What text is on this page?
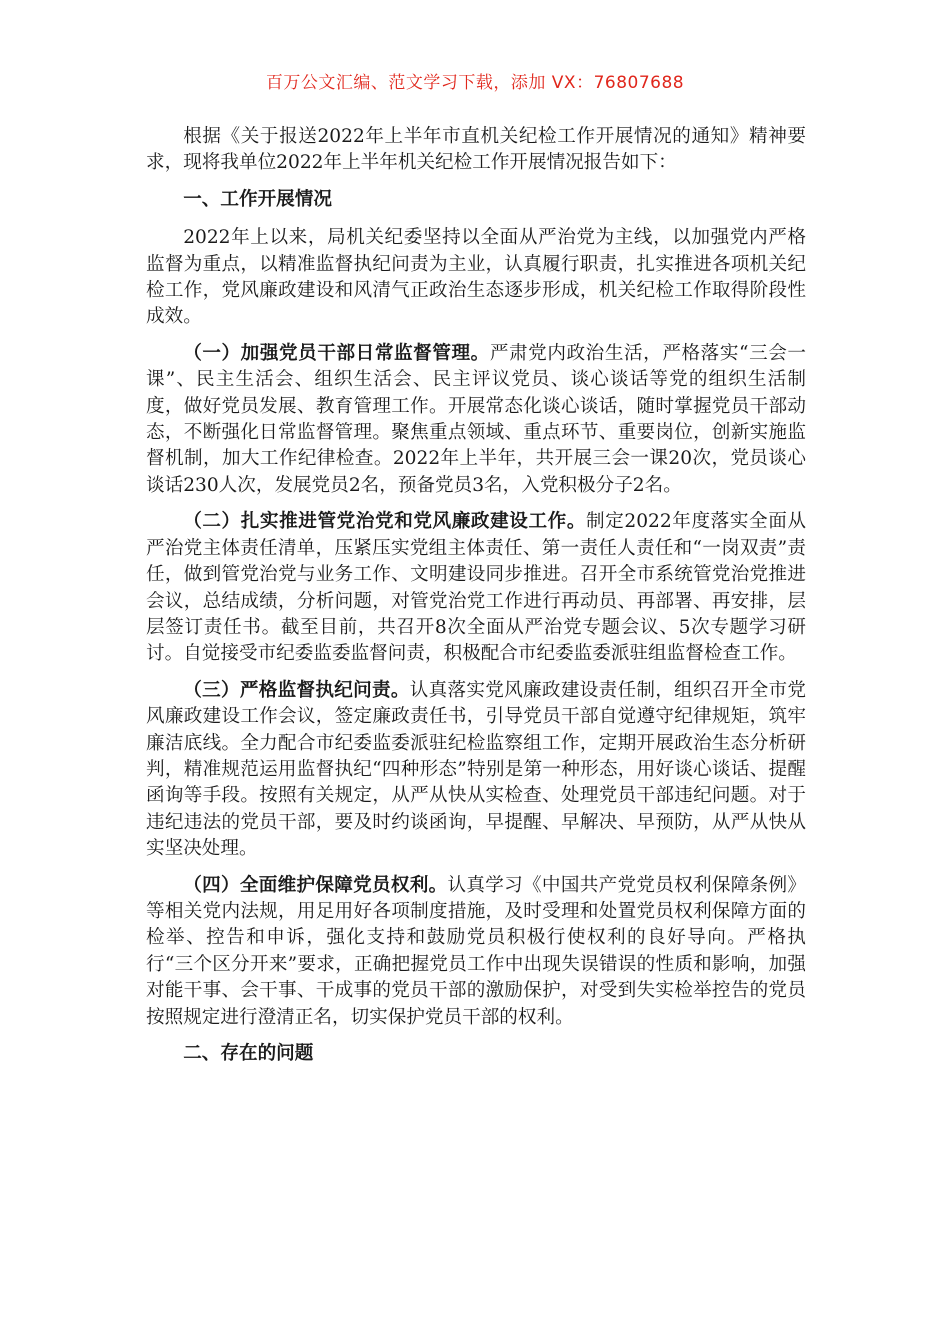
百万公文汇编、范文学习下载，添加 VX：76807688

根据《关于报送2022年上半年市直机关纪检工作开展情况的通知》精神要求，现将我单位2022年上半年机关纪检工作开展情况报告如下：

一、工作开展情况

2022年上以来，局机关纪委坚持以全面从严治党为主线，以加强党内严格监督为重点，以精准监督执纪问责为主业，认真履行职责，扎实推进各项机关纪检工作，党风廉政建设和风清气正政治生态逐步形成，机关纪检工作取得阶段性成效。

（一）加强党员干部日常监督管理。严肃党内政治生活，严格落实“三会一课”、民主生活会、组织生活会、民主评议党员、谈心谈话等党的组织生活制度，做好党员发展、教育管理工作。开展常态化谈心谈话，随时掌握党员干部动态，不断强化日常监督管理。聚焦重点领域、重点环节、重要岗位，创新实施监督机制，加大工作纪律检查。2022年上半年，共开展三会一课20次，党员谈心谈话230人次，发展党员2名，预备党员3名，入党积极分子2名。

（二）扎实推进管党治党和党风廉政建设工作。制定2022年度落实全面从严治党主体责任清单，压紧压实党组主体责任、第一责任人责任和“一岗双责”责任，做到管党治党与业务工作、文明建设同步推进。召开全市系统管党治党推进会议，总结成绩，分析问题，对管党治党工作进行再动员、再部署、再安排，层层签订责任书。截至目前，共召开8次全面从严治党专题会议、5次专题学习研讨。自觉接受市纪委监委监督问责，积极配合市纪委监委派驻组监督检查工作。

（三）严格监督执纪问责。认真落实党风廉政建设责任制，组织召开全市党风廉政建设工作会议，签定廉政责任书，引导党员干部自觉遵守纪律规矩，筑牢廉洁底线。全力配合市纪委监委派驻纪检监察组工作，定期开展政治生态分析研判，精准规范运用监督执纪“四种形态”特别是第一种形态，用好谈心谈话、提醒函询等手段。按照有关规定，从严从快从实检查、处理党员干部违纪问题。对于违纪违法的党员干部，要及时约谈函询，早提醒、早解决、早预防，从严从快从实坚决处理。

（四）全面维护保障党员权利。认真学习《中国共产党党员权利保障条例》等相关党内法规，用足用好各项制度措施，及时受理和处置党员权利保障方面的检举、控告和申诉，强化支持和鼓励党员积极行使权利的良好导向。严格执行“三个区分开来”要求，正确把握党员工作中出现失误错误的性质和影响，加强对能干事、会干事、干成事的党员干部的激励保护，对受到失实检举控告的党员按照规定进行澄清正名，切实保护党员干部的权利。

二、存在的问题
